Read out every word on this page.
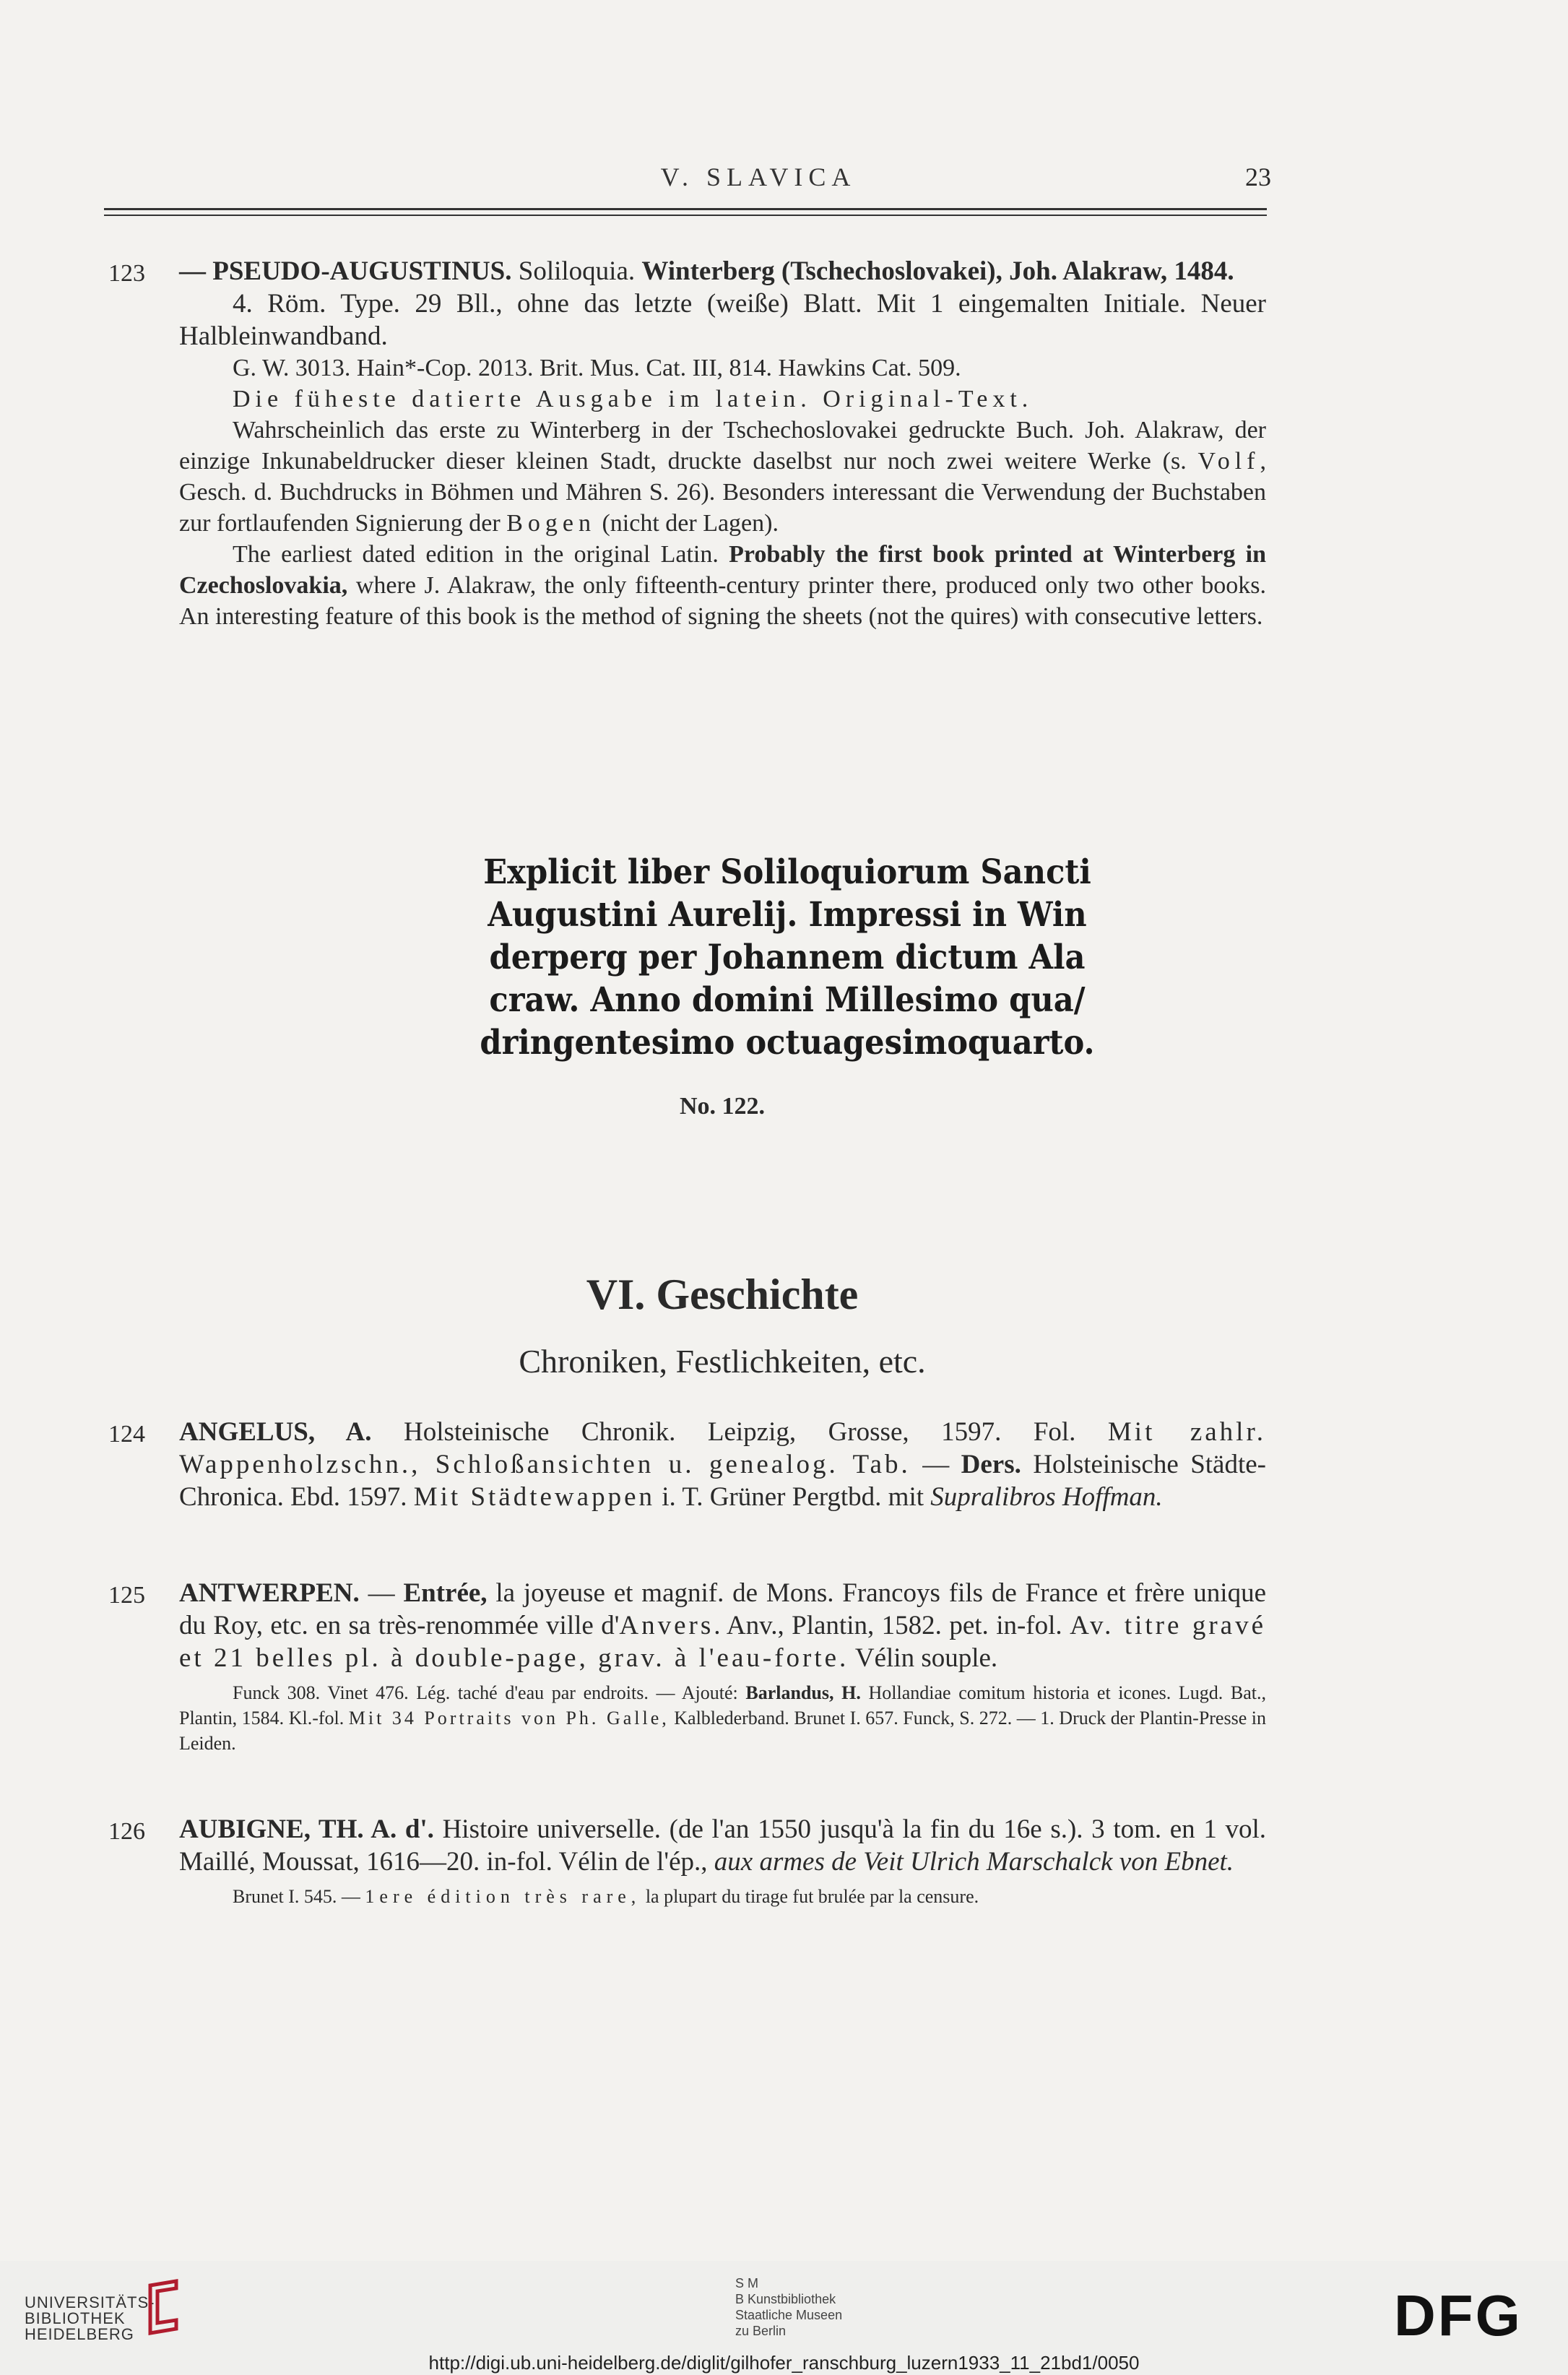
V. SLAVICA	23
123	— PSEUDO-AUGUSTINUS. Soliloquia. Winterberg (Tschechoslovakei), Joh. Alakraw, 1484.

4. Röm. Type. 29 Bll., ohne das letzte (weiße) Blatt. Mit 1 eingemalten Initiale. Neuer Halbleinwandband.

G. W. 3013. Hain*-Cop. 2013. Brit. Mus. Cat. III, 814. Hawkins Cat. 509.

Die füheste datierte Ausgabe im latein. Original-Text.

Wahrscheinlich das erste zu Winterberg in der Tschechoslovakei gedruckte Buch. Joh. Alakraw, der einzige Inkunabeldrucker dieser kleinen Stadt, druckte daselbst nur noch zwei weitere Werke (s. Volf, Gesch. d. Buchdrucks in Böhmen und Mähren S. 26). Besonders interessant die Verwendung der Buchstaben zur fortlaufenden Signierung der Bogen (nicht der Lagen).

The earliest dated edition in the original Latin. Probably the first book printed at Winterberg in Czechoslovakia, where J. Alakraw, the only fifteenth-century printer there, produced only two other books. An interesting feature of this book is the method of signing the sheets (not the quires) with consecutive letters.

Explicit liber Soliloquiorum Sancti
Augustini Aurelij. Impressi in Win
derperg per Johannem dictum Ala
craw. Anno domini Millesimo qua/
dringentesimo octuagesimoquarto.
No. 122.
VI. Geschichte
Chroniken, Festlichkeiten, etc.
124	ANGELUS, A. Holsteinische Chronik. Leipzig, Grosse, 1597. Fol. Mit zahlr. Wappenholzschn., Schloßansichten u. genealog. Tab. — Ders. Holsteinische Städte-Chronica. Ebd. 1597. Mit Städtewappen i. T. Grüner Pergtbd. mit Supralibros Hoffman.

125	ANTWERPEN. — Entrée, la joyeuse et magnif. de Mons. Francoys fils de France et frère unique du Roy, etc. en sa très-renommée ville d'Anvers. Anv., Plantin, 1582. pet. in-fol. Av. titre gravé et 21 belles pl. à double-page, grav. à l'eau-forte. Vélin souple.

Funck 308. Vinet 476. Lég. taché d'eau par endroits. — Ajouté: Barlandus, H. Hollandiae comitum historia et icones. Lugd. Bat., Plantin, 1584. Kl.-fol. Mit 34 Portraits von Ph. Galle, Kalblederband. Brunet I. 657. Funck, S. 272. — 1. Druck der Plantin-Presse in Leiden.

126	AUBIGNE, TH. A. d'. Histoire universelle. (de l'an 1550 jusqu'à la fin du 16e s.). 3 tom. en 1 vol. Maillé, Moussat, 1616—20. in-fol. Vélin de l'ép., aux armes de Veit Ulrich Marschalck von Ebnet.

Brunet I. 545. — 1ere édition très rare, la plupart du tirage fut brulée par la censure.

UNIVERSITÄTS-
BIBLIOTHEK
HEIDELBERG
S M
B Kunstbibliothek
Staatliche Museen
zu Berlin	DFG
http://digi.ub.uni-heidelberg.de/diglit/gilhofer_ranschburg_luzern1933_11_21bd1/0050
